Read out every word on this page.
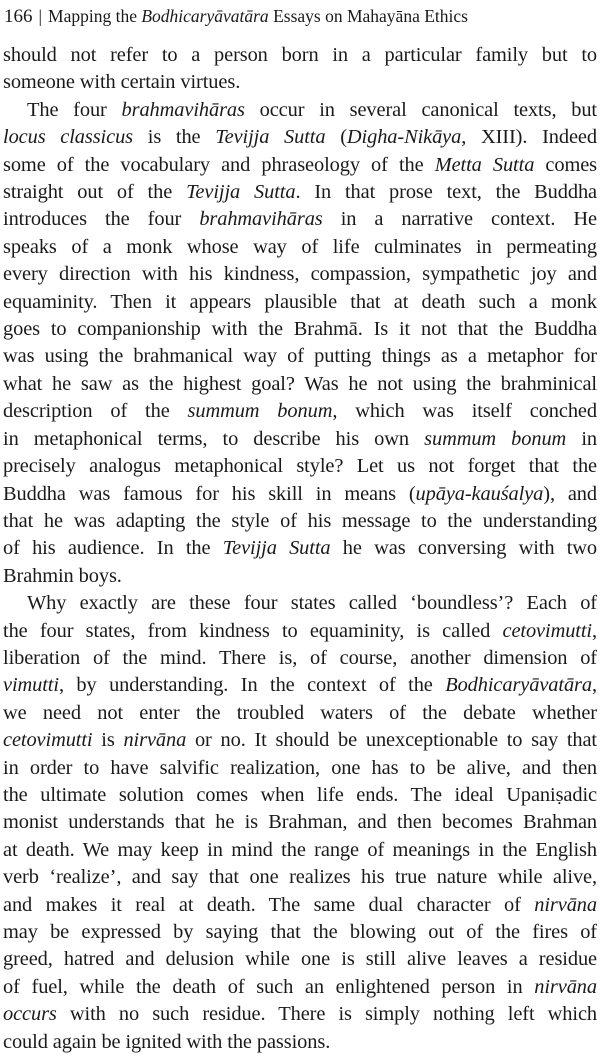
166 | Mapping the Bodhicaryāvatāra Essays on Mahayāna Ethics
should not refer to a person born in a particular family but to
someone with certain virtues.
The four brahmavihāras occur in several canonical texts, but
locus classicus is the Tevijja Sutta (Digha-Nikāya, XIII). Indeed
some of the vocabulary and phraseology of the Metta Sutta comes
straight out of the Tevijja Sutta. In that prose text, the Buddha
introduces the four brahmavihāras in a narrative context. He
speaks of a monk whose way of life culminates in permeating
every direction with his kindness, compassion, sympathetic joy and
equaminity. Then it appears plausible that at death such a monk
goes to companionship with the Brahmā. Is it not that the Buddha
was using the brahmanical way of putting things as a metaphor for
what he saw as the highest goal? Was he not using the brahminical
description of the summum bonum, which was itself conched
in metaphonical terms, to describe his own summum bonum in
precisely analogus metaphonical style? Let us not forget that the
Buddha was famous for his skill in means (upāya-kauśalya), and
that he was adapting the style of his message to the understanding
of his audience. In the Tevijja Sutta he was conversing with two
Brahmin boys.
Why exactly are these four states called ‘boundless’? Each of
the four states, from kindness to equaminity, is called cetovimutti,
liberation of the mind. There is, of course, another dimension of
vimutti, by understanding. In the context of the Bodhicaryāvatāra,
we need not enter the troubled waters of the debate whether
cetovimutti is nirvāna or no. It should be unexceptionable to say that
in order to have salvific realization, one has to be alive, and then
the ultimate solution comes when life ends. The ideal Upaniṣadic
monist understands that he is Brahman, and then becomes Brahman
at death. We may keep in mind the range of meanings in the English
verb ‘realize’, and say that one realizes his true nature while alive,
and makes it real at death. The same dual character of nirvāna
may be expressed by saying that the blowing out of the fires of
greed, hatred and delusion while one is still alive leaves a residue
of fuel, while the death of such an enlightened person in nirvāna
occurs with no such residue. There is simply nothing left which
could again be ignited with the passions.
